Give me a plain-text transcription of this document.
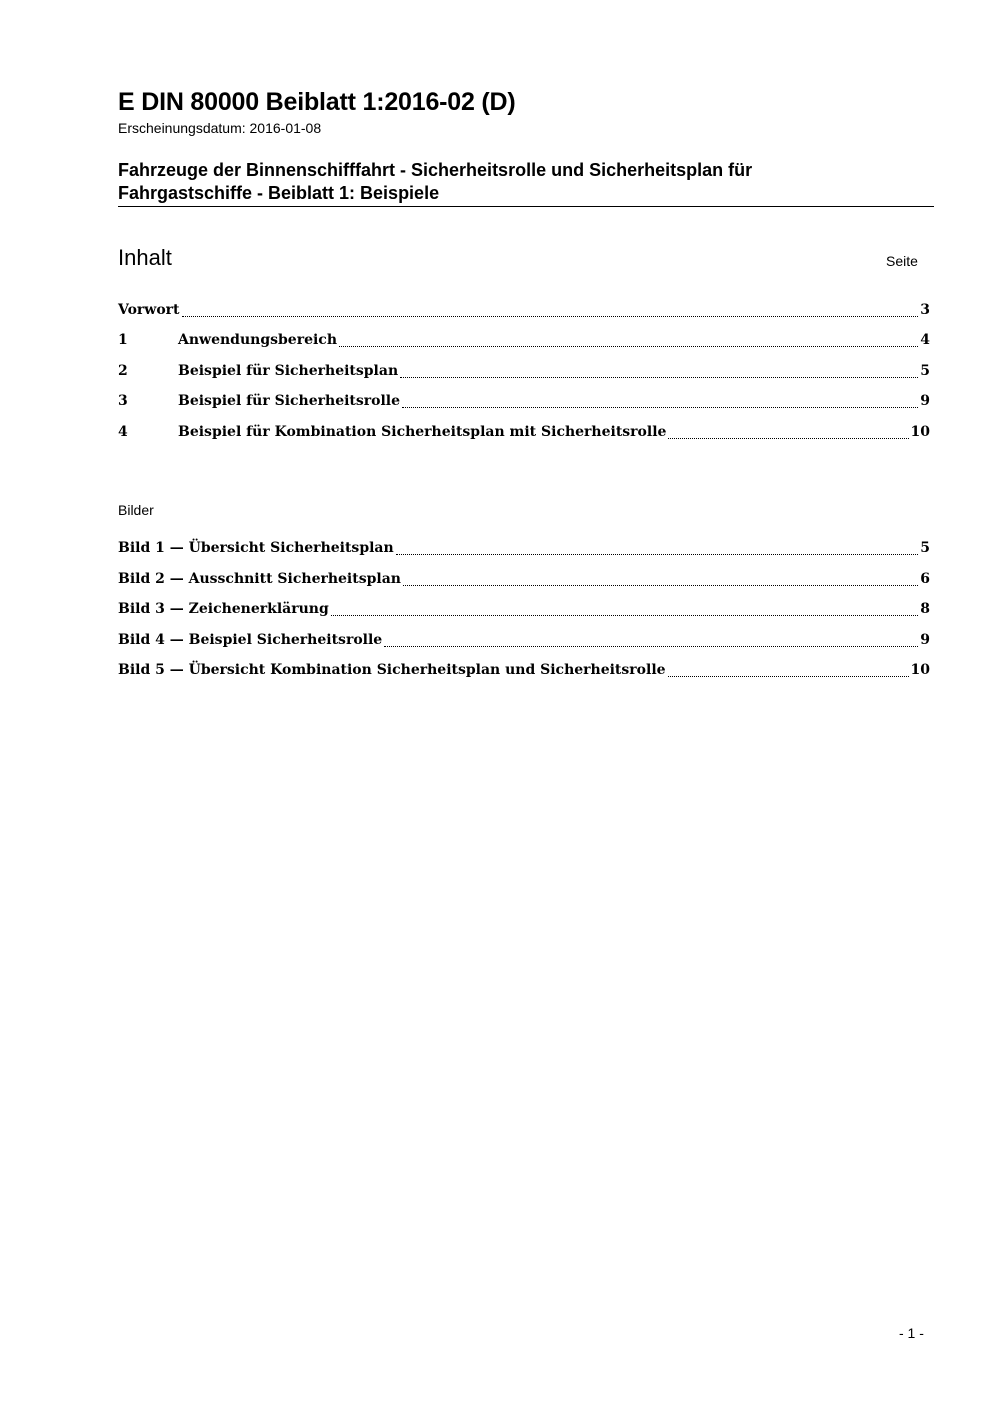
E DIN 80000 Beiblatt 1:2016-02 (D)
Erscheinungsdatum: 2016-01-08
Fahrzeuge der Binnenschifffahrt - Sicherheitsrolle und Sicherheitsplan für
Fahrgastschiffe - Beiblatt 1: Beispiele
Inhalt	Seite
Vorwort	3
1	Anwendungsbereich	4
2	Beispiel für Sicherheitsplan	5
3	Beispiel für Sicherheitsrolle	9
4	Beispiel für Kombination Sicherheitsplan mit Sicherheitsrolle	10
Bilder
Bild 1 — Übersicht Sicherheitsplan	5
Bild 2 — Ausschnitt Sicherheitsplan	6
Bild 3 — Zeichenerklärung	8
Bild 4 — Beispiel Sicherheitsrolle	9
Bild 5 — Übersicht Kombination Sicherheitsplan und Sicherheitsrolle	10
- 1 -
